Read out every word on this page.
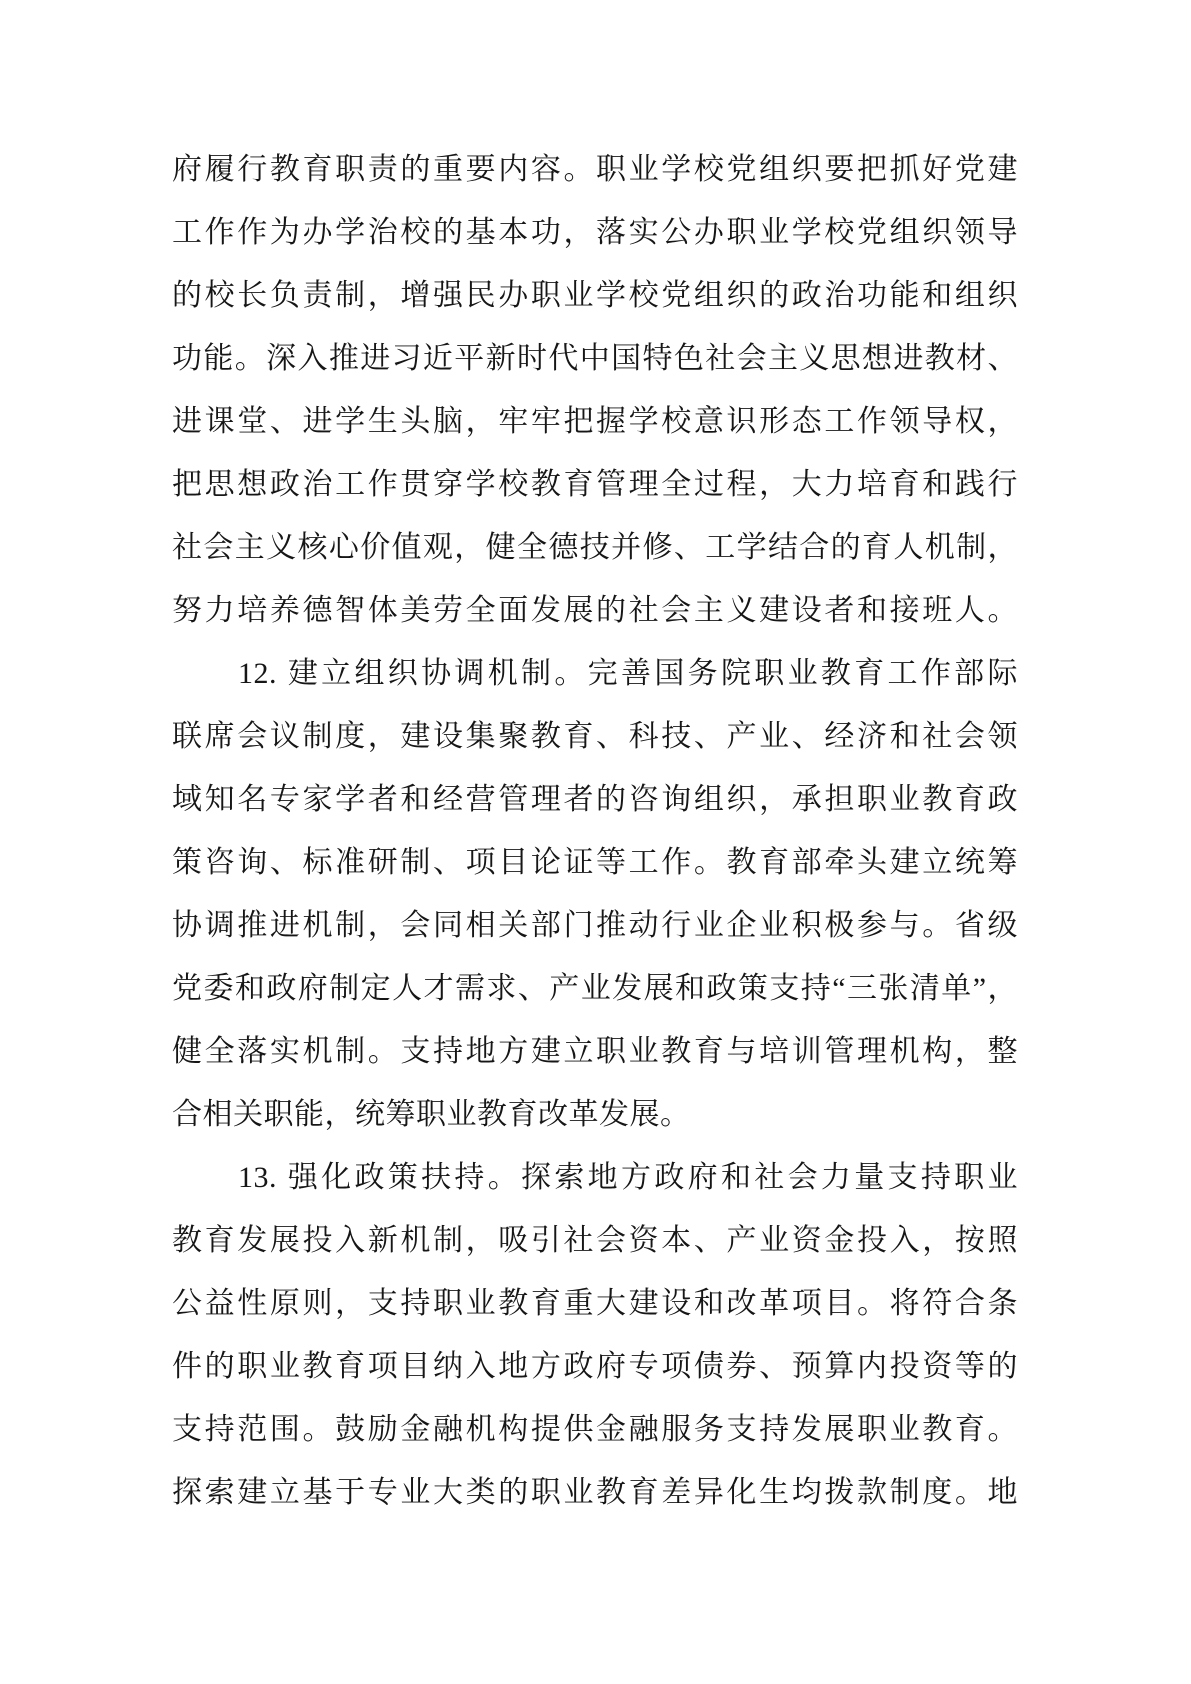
府履行教育职责的重要内容。职业学校党组织要把抓好党建
工作作为办学治校的基本功，落实公办职业学校党组织领导
的校长负责制，增强民办职业学校党组织的政治功能和组织
功能。深入推进习近平新时代中国特色社会主义思想进教材、
进课堂、进学生头脑，牢牢把握学校意识形态工作领导权，
把思想政治工作贯穿学校教育管理全过程，大力培育和践行
社会主义核心价值观，健全德技并修、工学结合的育人机制，
努力培养德智体美劳全面发展的社会主义建设者和接班人。
12. 建立组织协调机制。完善国务院职业教育工作部际
联席会议制度，建设集聚教育、科技、产业、经济和社会领
域知名专家学者和经营管理者的咨询组织，承担职业教育政
策咨询、标准研制、项目论证等工作。教育部牵头建立统筹
协调推进机制，会同相关部门推动行业企业积极参与。省级
党委和政府制定人才需求、产业发展和政策支持“三张清单”，
健全落实机制。支持地方建立职业教育与培训管理机构，整
合相关职能，统筹职业教育改革发展。
13. 强化政策扶持。探索地方政府和社会力量支持职业
教育发展投入新机制，吸引社会资本、产业资金投入，按照
公益性原则，支持职业教育重大建设和改革项目。将符合条
件的职业教育项目纳入地方政府专项债券、预算内投资等的
支持范围。鼓励金融机构提供金融服务支持发展职业教育。
探索建立基于专业大类的职业教育差异化生均拨款制度。地
